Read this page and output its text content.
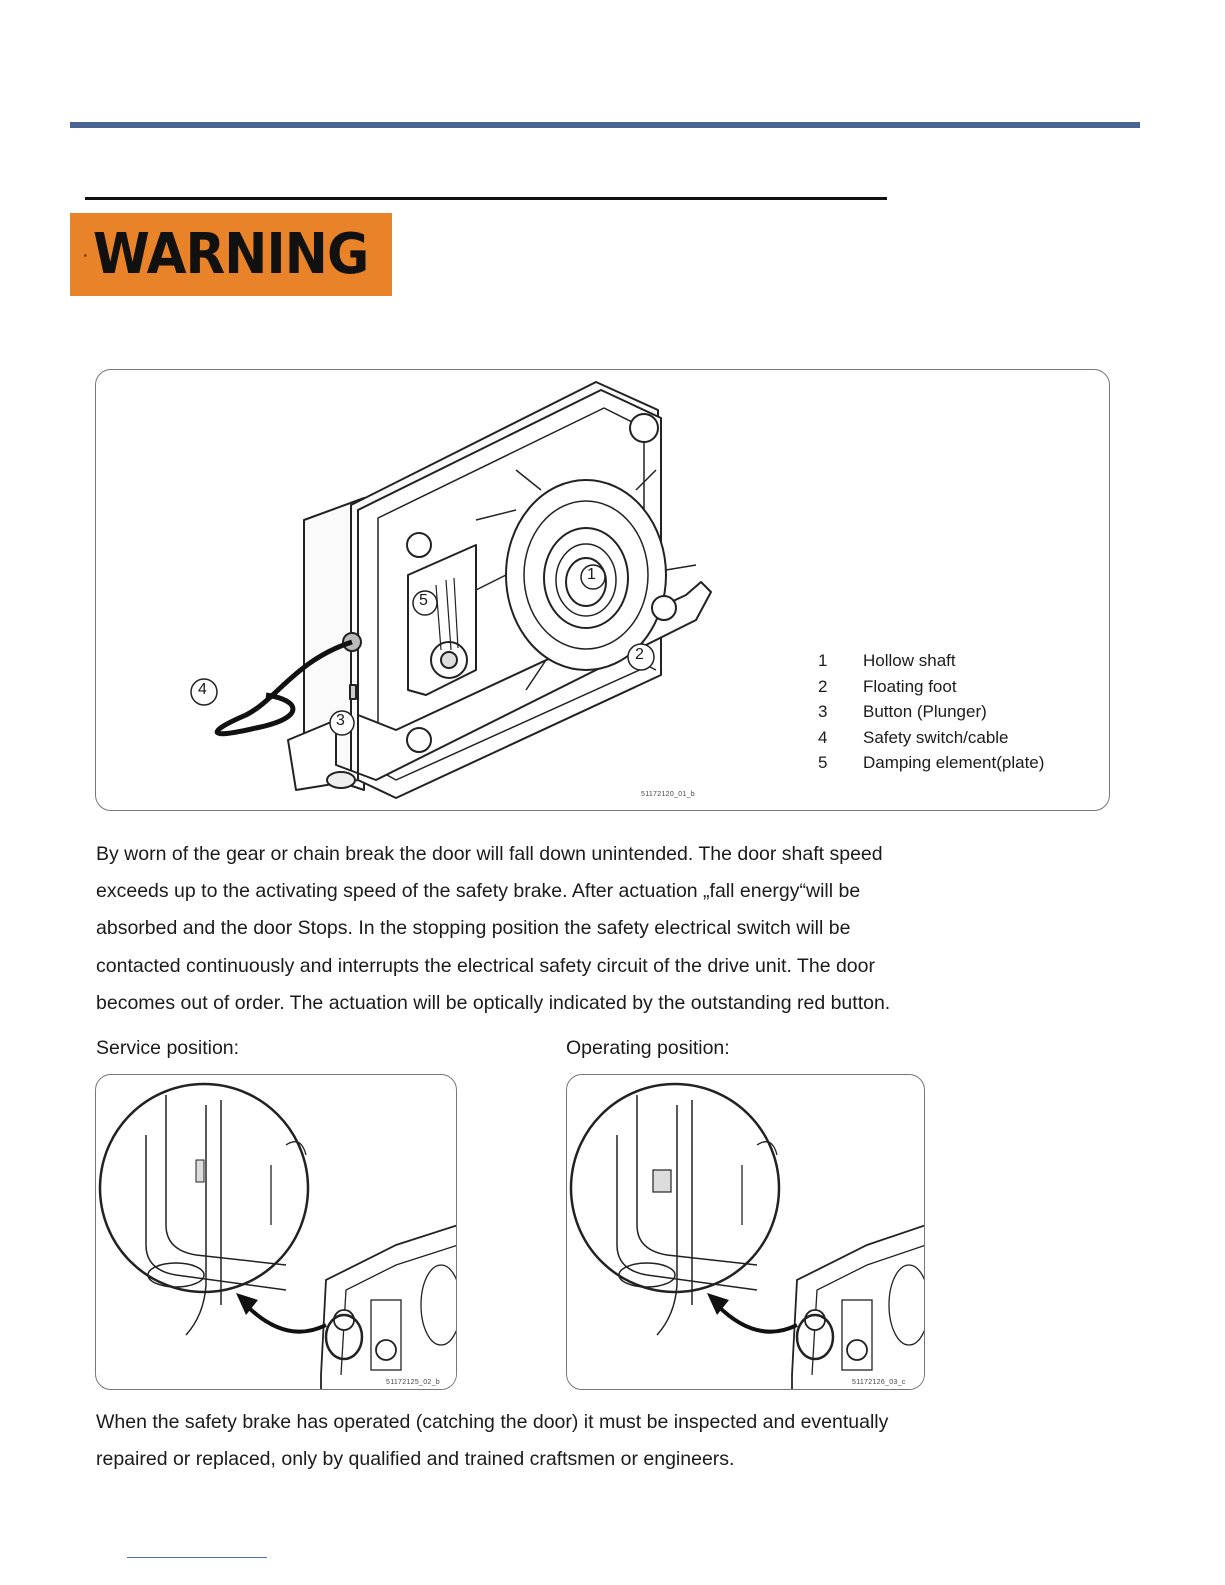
WARNING
1
2
3
4
5
51172120_01_b
1	Hollow shaft
2	Floating foot
3	Button (Plunger)
4	Safety switch/cable
5	Damping element(plate)
By worn of the gear or chain break the door will fall down unintended. The door shaft speed
exceeds up to the activating speed of the safety brake. After actuation „fall energy“will be
absorbed and the door Stops. In the stopping position the safety electrical switch will be
contacted continuously and interrupts the electrical safety circuit of the drive unit. The door
becomes out of order. The actuation will be optically indicated by the outstanding red button.
Service position:	Operating position:
51172125_02_b	51172126_03_c
When the safety brake has operated (catching the door) it must be inspected and eventually
repaired or replaced, only by qualified and trained craftsmen or engineers.
